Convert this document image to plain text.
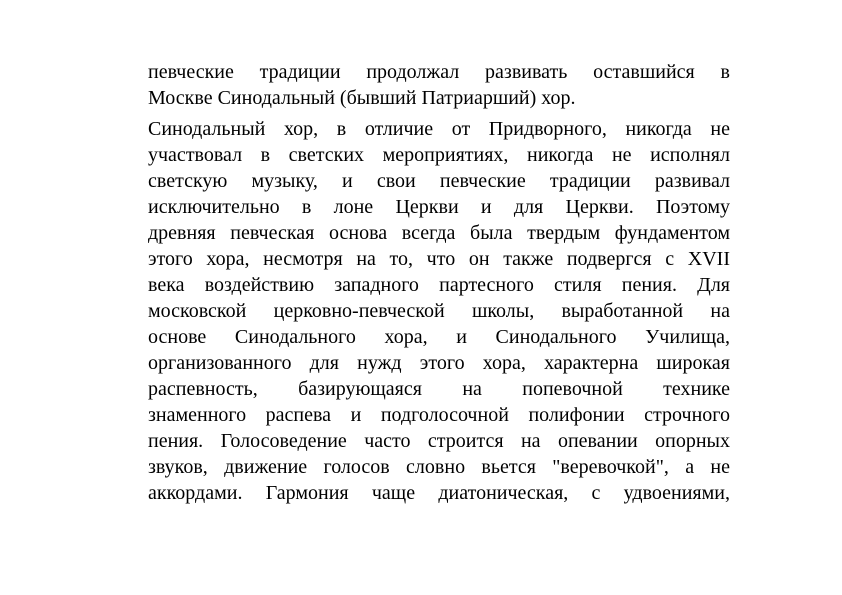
певческие традиции продолжал развивать оставшийся в
Москве Синодальный (бывший Патриарший) хор.
Синодальный хор, в отличие от Придворного, никогда не
участвовал в светских мероприятиях, никогда не исполнял
светскую музыку, и свои певческие традиции развивал
исключительно в лоне Церкви и для Церкви. Поэтому
древняя певческая основа всегда была твердым фундаментом
этого хора, несмотря на то, что он также подвергся с XVII
века воздействию западного партесного стиля пения. Для
московской церковно-певческой школы, выработанной на
основе Синодального хора, и Синодального Училища,
организованного для нужд этого хора, характерна широкая
распевность, базирующаяся на попевочной технике
знаменного распева и подголосочной полифонии строчного
пения. Голосоведение часто строится на опевании опорных
звуков, движение голосов словно вьется "веревочкой", а не
аккордами. Гармония чаще диатоническая, с удвоениями,
